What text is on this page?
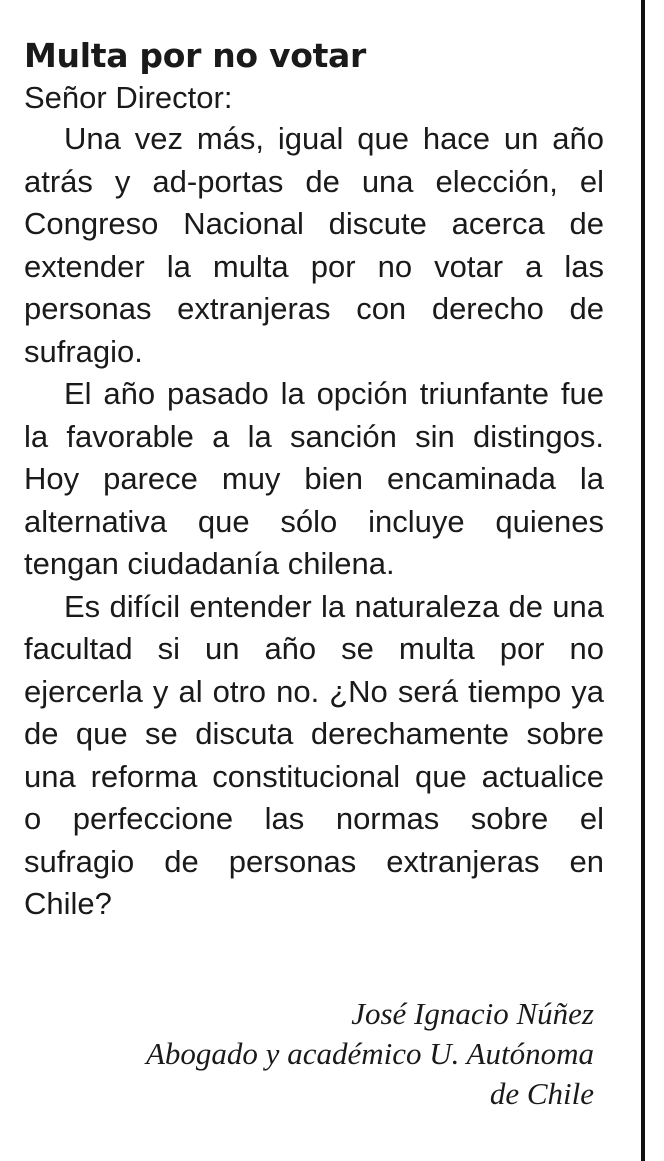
Multa por no votar

Señor Director:

Una vez más, igual que hace un año atrás y ad-portas de una elección, el Congreso Nacional discute acerca de extender la multa por no votar a las personas extranjeras con derecho de sufragio.

El año pasado la opción triunfante fue la favorable a la sanción sin distingos. Hoy parece muy bien encaminada la alternativa que sólo incluye quienes tengan ciudadanía chilena.

Es difícil entender la naturaleza de una facultad si un año se multa por no ejercerla y al otro no. ¿No será tiempo ya de que se discuta derechamente sobre una reforma constitucional que actualice o perfeccione las normas sobre el sufragio de personas extranjeras en Chile?

José Ignacio Núñez
Abogado y académico U. Autónoma
de Chile
